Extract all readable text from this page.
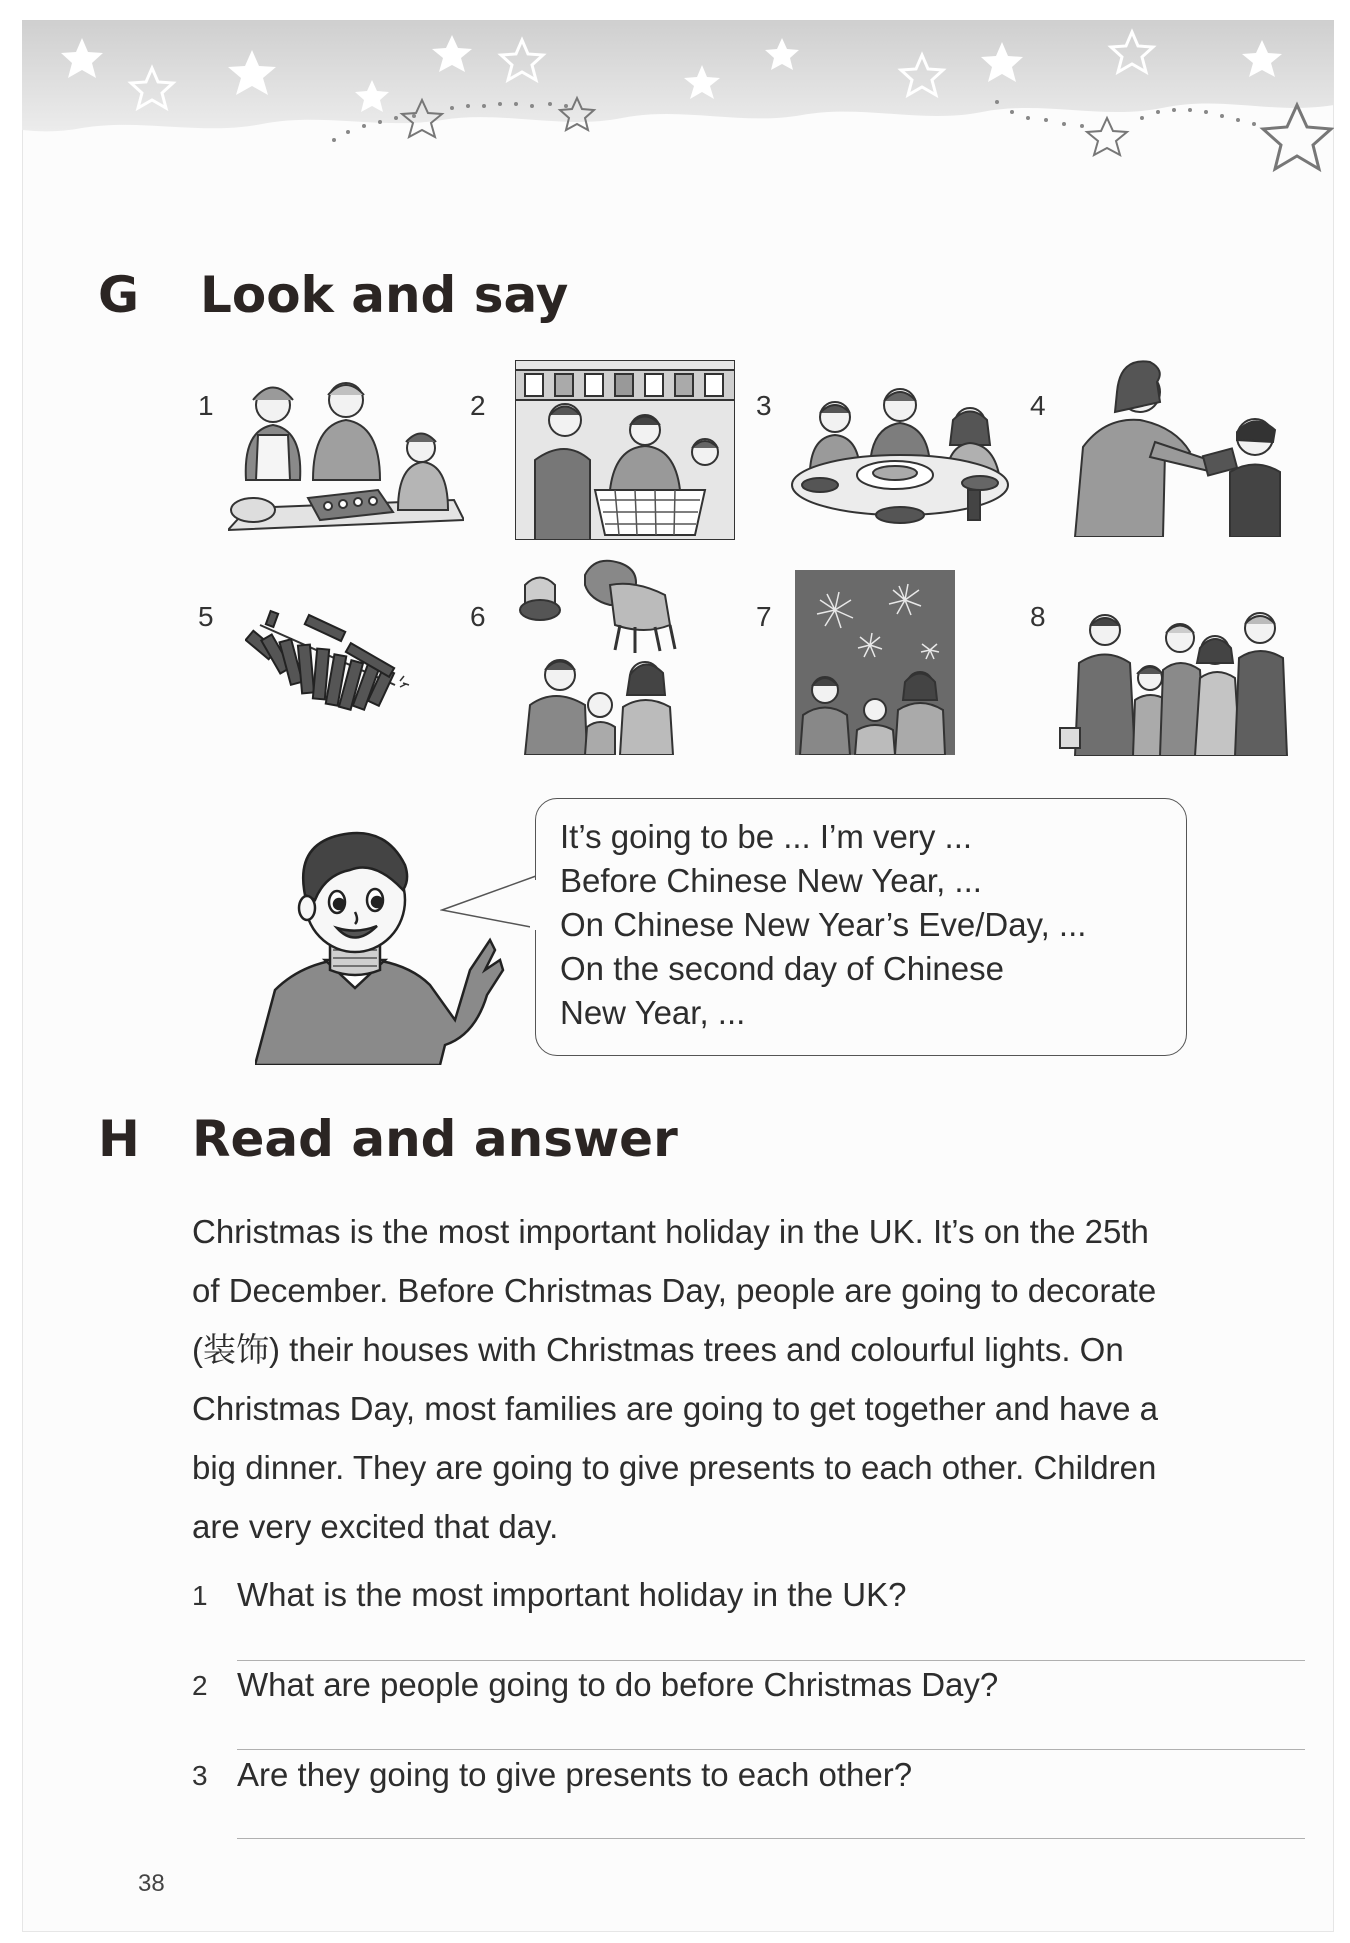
G Look and say
1	2	3	4
5	6	7	8
It’s going to be ... I’m very ...
Before Chinese New Year, ...
On Chinese New Year’s Eve/Day, ...
On the second day of Chinese
New Year, ...
H Read and answer

Christmas is the most important holiday in the UK. It’s on the 25th

of December. Before Christmas Day, people are going to decorate

(装饰) their houses with Christmas trees and colourful lights. On

Christmas Day, most families are going to get together and have a

big dinner. They are going to give presents to each other. Children

are very excited that day.

1 What is the most important holiday in the UK?
2 What are people going to do before Christmas Day?
3 Are they going to give presents to each other?
38
